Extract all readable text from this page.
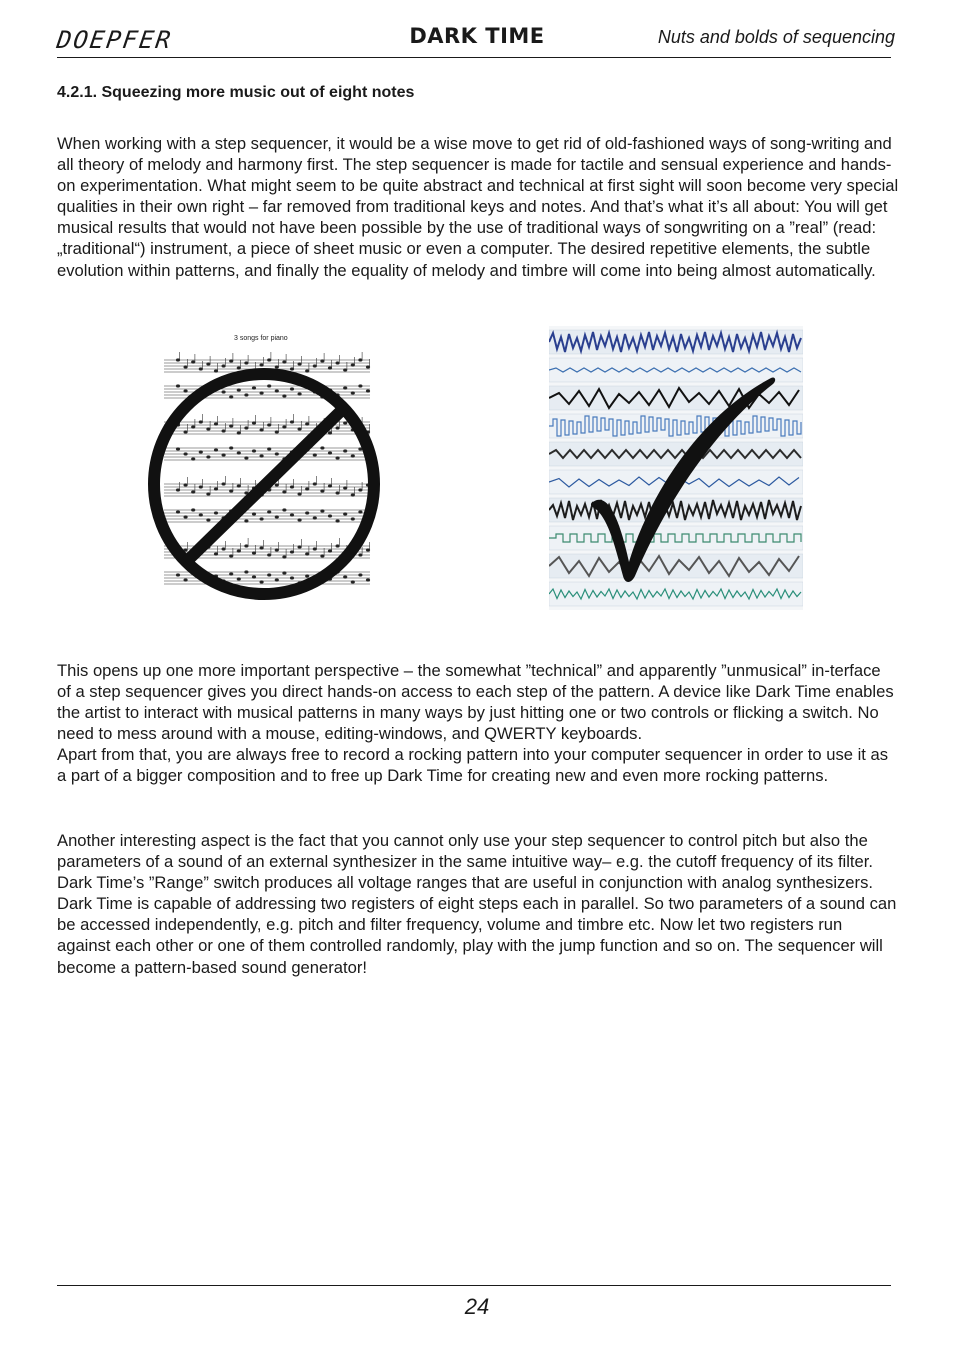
DOEPFER	DARK TIME	Nuts and bolds of sequencing
4.2.1. Squeezing more music out of eight notes

When working with a step sequencer, it would be a wise move to get rid of old-fashioned ways of song-writing and all theory of melody and harmony first. The step sequencer is made for tactile and sensual experience and hands-on experimentation. What might seem to be quite abstract and technical at first sight will soon become very special qualities in their own right – far removed from traditional keys and notes. And that’s what it’s all about: You will get musical results that would not have been possible by the use of traditional ways of songwriting on a ”real” (read: „traditional“) instrument, a piece of sheet music or even a computer. The desired repetitive elements, the subtle evolution within patterns, and finally the equality of melody and timbre will come into being almost automatically.

3 songs for piano

This opens up one more important perspective – the somewhat ”technical” and apparently ”unmusical” in-terface of a step sequencer gives you direct hands-on access to each step of the pattern. A device like Dark Time enables the artist to interact with musical patterns in many ways by just hitting one or two controls or flicking a switch. No need to mess around with a mouse, editing-windows, and QWERTY keyboards.
Apart from that, you are always free to record a rocking pattern into your computer sequencer in order to use it as a part of a bigger composition and to free up Dark Time for creating new and even more rocking patterns.

Another interesting aspect is the fact that you cannot only use your step sequencer to control pitch but also the parameters of a sound of an external synthesizer in the same intuitive way– e.g. the cutoff frequency of its filter. Dark Time’s ”Range” switch produces all voltage ranges that are useful in conjunction with analog synthesizers.
Dark Time is capable of addressing two registers of eight steps each in parallel. So two parameters of a sound can be accessed independently, e.g. pitch and filter frequency, volume and timbre etc. Now let two registers run against each other or one of them controlled randomly, play with the jump function and so on. The sequencer will become a pattern-based sound generator!

24
